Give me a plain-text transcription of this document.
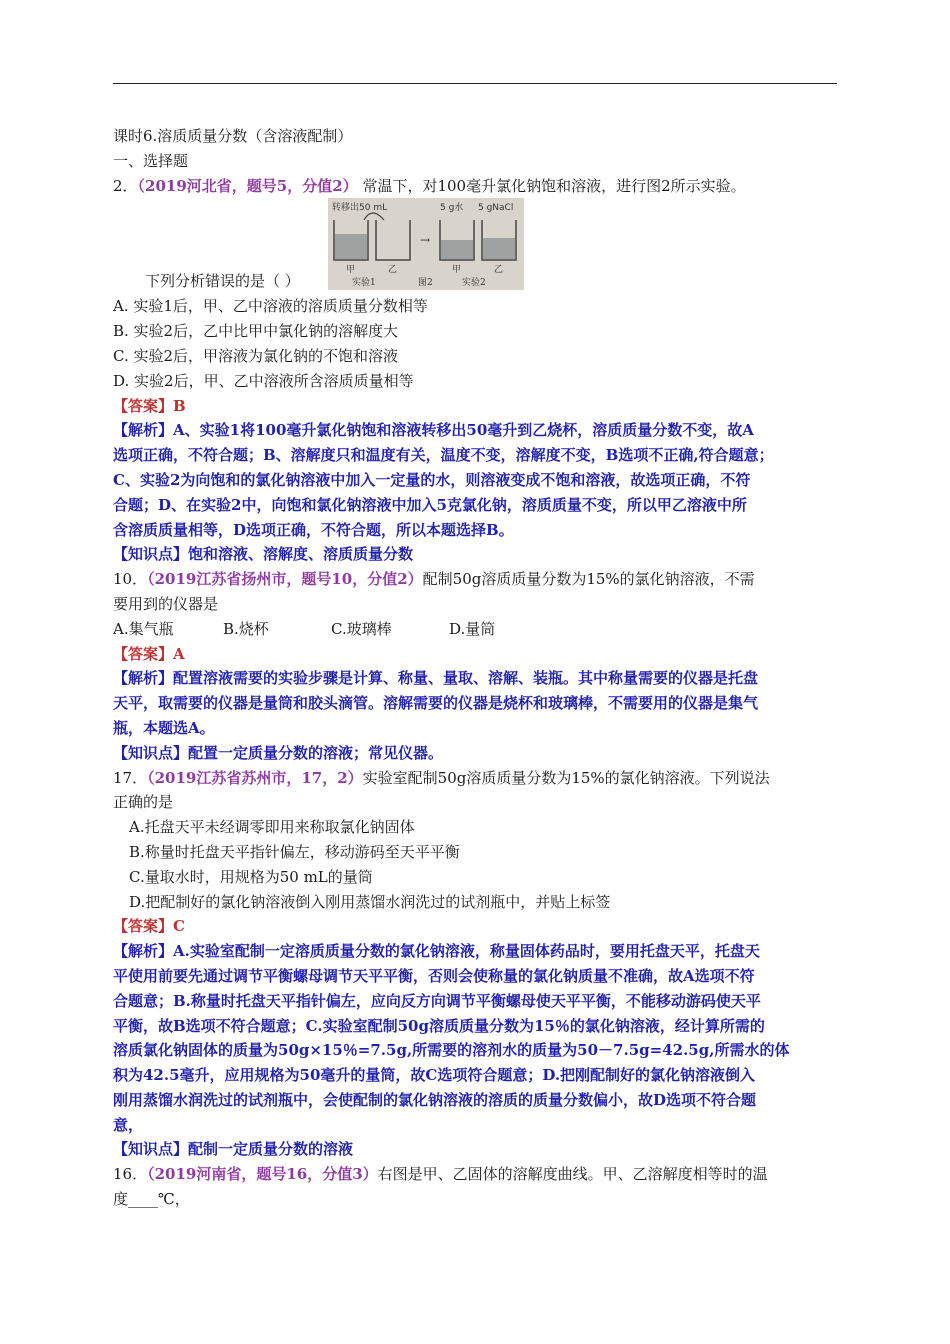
课时6.溶质质量分数（含溶液配制）
一、选择题
2．（2019河北省，题号5，分值2） 常温下，对100毫升氯化钠饱和溶液，进行图2所示实验。
下列分析错误的是（ ）
转移出50 mL	5 g水 5 gNaCl
→
甲	乙	甲	乙
实验1	图2	实验2
A. 实验1后，甲、乙中溶液的溶质质量分数相等
B. 实验2后，乙中比甲中氯化钠的溶解度大
C. 实验2后，甲溶液为氯化钠的不饱和溶液
D. 实验2后，甲、乙中溶液所含溶质质量相等
【答案】B
【解析】A、实验1将100毫升氯化钠饱和溶液转移出50毫升到乙烧杯，溶质质量分数不变，故A
选项正确，不符合题；B、溶解度只和温度有关，温度不变，溶解度不变，B选项不正确,符合题意；
C、实验2为向饱和的氯化钠溶液中加入一定量的水，则溶液变成不饱和溶液，故选项正确，不符
合题；D、在实验2中，向饱和氯化钠溶液中加入5克氯化钠，溶质质量不变，所以甲乙溶液中所
含溶质质量相等，D选项正确，不符合题，所以本题选择B。
【知识点】饱和溶液、溶解度、溶质质量分数
10．（2019江苏省扬州市，题号10，分值2）配制50g溶质质量分数为15%的氯化钠溶液，不需
要用到的仪器是
A.集气瓶	B.烧杯	C.玻璃棒	D.量筒
【答案】A
【解析】配置溶液需要的实验步骤是计算、称量、量取、溶解、装瓶。其中称量需要的仪器是托盘
天平，取需要的仪器是量筒和胶头滴管。溶解需要的仪器是烧杯和玻璃棒，不需要用的仪器是集气
瓶，本题选A。
【知识点】配置一定质量分数的溶液；常见仪器。
17．（2019江苏省苏州市，17，2）实验室配制50g溶质质量分数为15%的氯化钠溶液。下列说法
正确的是
A.托盘天平未经调零即用来称取氯化钠固体
B.称量时托盘天平指针偏左，移动游码至天平平衡
C.量取水时，用规格为50 mL的量筒
D.把配制好的氯化钠溶液倒入刚用蒸馏水润洗过的试剂瓶中，并贴上标签
【答案】C
【解析】A.实验室配制一定溶质质量分数的氯化钠溶液，称量固体药品时，要用托盘天平，托盘天
平使用前要先通过调节平衡螺母调节天平平衡，否则会使称量的氯化钠质量不准确，故A选项不符
合题意；B.称量时托盘天平指针偏左，应向反方向调节平衡螺母使天平平衡，不能移动游码使天平
平衡，故B选项不符合题意；C.实验室配制50g溶质质量分数为15％的氯化钠溶液，经计算所需的
溶质氯化钠固体的质量为50g×15％=7.5g,所需要的溶剂水的质量为50－7.5g=42.5g,所需水的体
积为42.5毫升，应用规格为50毫升的量筒，故C选项符合题意；D.把刚配制好的氯化钠溶液倒入
刚用蒸馏水润洗过的试剂瓶中，会使配制的氯化钠溶液的溶质的质量分数偏小，故D选项不符合题
意，
【知识点】配制一定质量分数的溶液
16．（2019河南省，题号16，分值3）右图是甲、乙固体的溶解度曲线。甲、乙溶解度相等时的温
度____℃，
